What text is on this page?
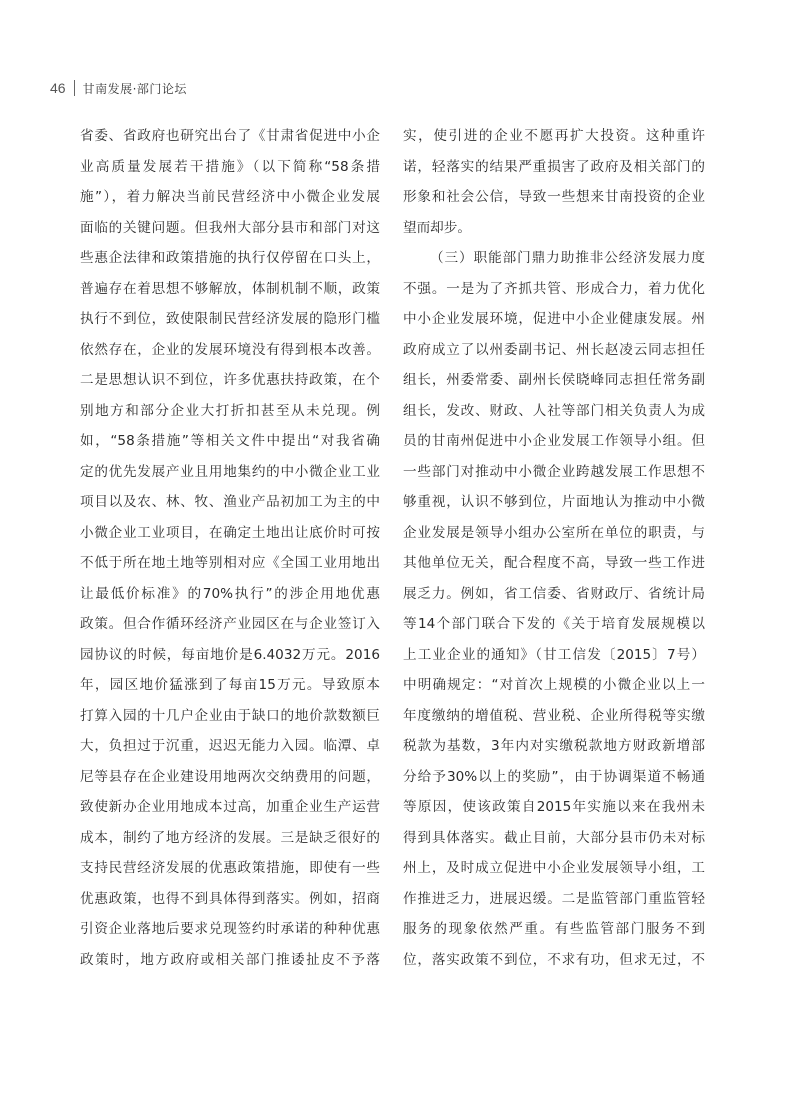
46 甘南发展·部门论坛
省委、省政府也研究出台了《甘肃省促进中小企
业高质量发展若干措施》（以下简称“58条措
施”），着力解决当前民营经济中小微企业发展
面临的关键问题。但我州大部分县市和部门对这
些惠企法律和政策措施的执行仅停留在口头上，
普遍存在着思想不够解放，体制机制不顺，政策
执行不到位，致使限制民营经济发展的隐形门槛
依然存在，企业的发展环境没有得到根本改善。
二是思想认识不到位，许多优惠扶持政策，在个
别地方和部分企业大打折扣甚至从未兑现。例
如，“58条措施”等相关文件中提出“对我省确
定的优先发展产业且用地集约的中小微企业工业
项目以及农、林、牧、渔业产品初加工为主的中
小微企业工业项目，在确定土地出让底价时可按
不低于所在地土地等别相对应《全国工业用地出
让最低价标准》的70%执行”的涉企用地优惠
政策。但合作循环经济产业园区在与企业签订入
园协议的时候，每亩地价是6.4032万元。2016
年，园区地价猛涨到了每亩15万元。导致原本
打算入园的十几户企业由于缺口的地价款数额巨
大，负担过于沉重，迟迟无能力入园。临潭、卓
尼等县存在企业建设用地两次交纳费用的问题，
致使新办企业用地成本过高，加重企业生产运营
成本，制约了地方经济的发展。三是缺乏很好的
支持民营经济发展的优惠政策措施，即使有一些
优惠政策，也得不到具体得到落实。例如，招商
引资企业落地后要求兑现签约时承诺的种种优惠
政策时，地方政府或相关部门推诿扯皮不予落
实，使引进的企业不愿再扩大投资。这种重许
诺，轻落实的结果严重损害了政府及相关部门的
形象和社会公信，导致一些想来甘南投资的企业
望而却步。
（三）职能部门鼎力助推非公经济发展力度
不强。一是为了齐抓共管、形成合力，着力优化
中小企业发展环境，促进中小企业健康发展。州
政府成立了以州委副书记、州长赵凌云同志担任
组长，州委常委、副州长侯晓峰同志担任常务副
组长，发改、财政、人社等部门相关负责人为成
员的甘南州促进中小企业发展工作领导小组。但
一些部门对推动中小微企业跨越发展工作思想不
够重视，认识不够到位，片面地认为推动中小微
企业发展是领导小组办公室所在单位的职责，与
其他单位无关，配合程度不高，导致一些工作进
展乏力。例如，省工信委、省财政厅、省统计局
等14个部门联合下发的《关于培育发展规模以
上工业企业的通知》（甘工信发〔2015〕7号）
中明确规定：“对首次上规模的小微企业以上一
年度缴纳的增值税、营业税、企业所得税等实缴
税款为基数，3年内对实缴税款地方财政新增部
分给予30%以上的奖励”，由于协调渠道不畅通
等原因，使该政策自2015年实施以来在我州未
得到具体落实。截止目前，大部分县市仍未对标
州上，及时成立促进中小企业发展领导小组，工
作推进乏力，进展迟缓。二是监管部门重监管轻
服务的现象依然严重。有些监管部门服务不到
位，落实政策不到位，不求有功，但求无过，不
